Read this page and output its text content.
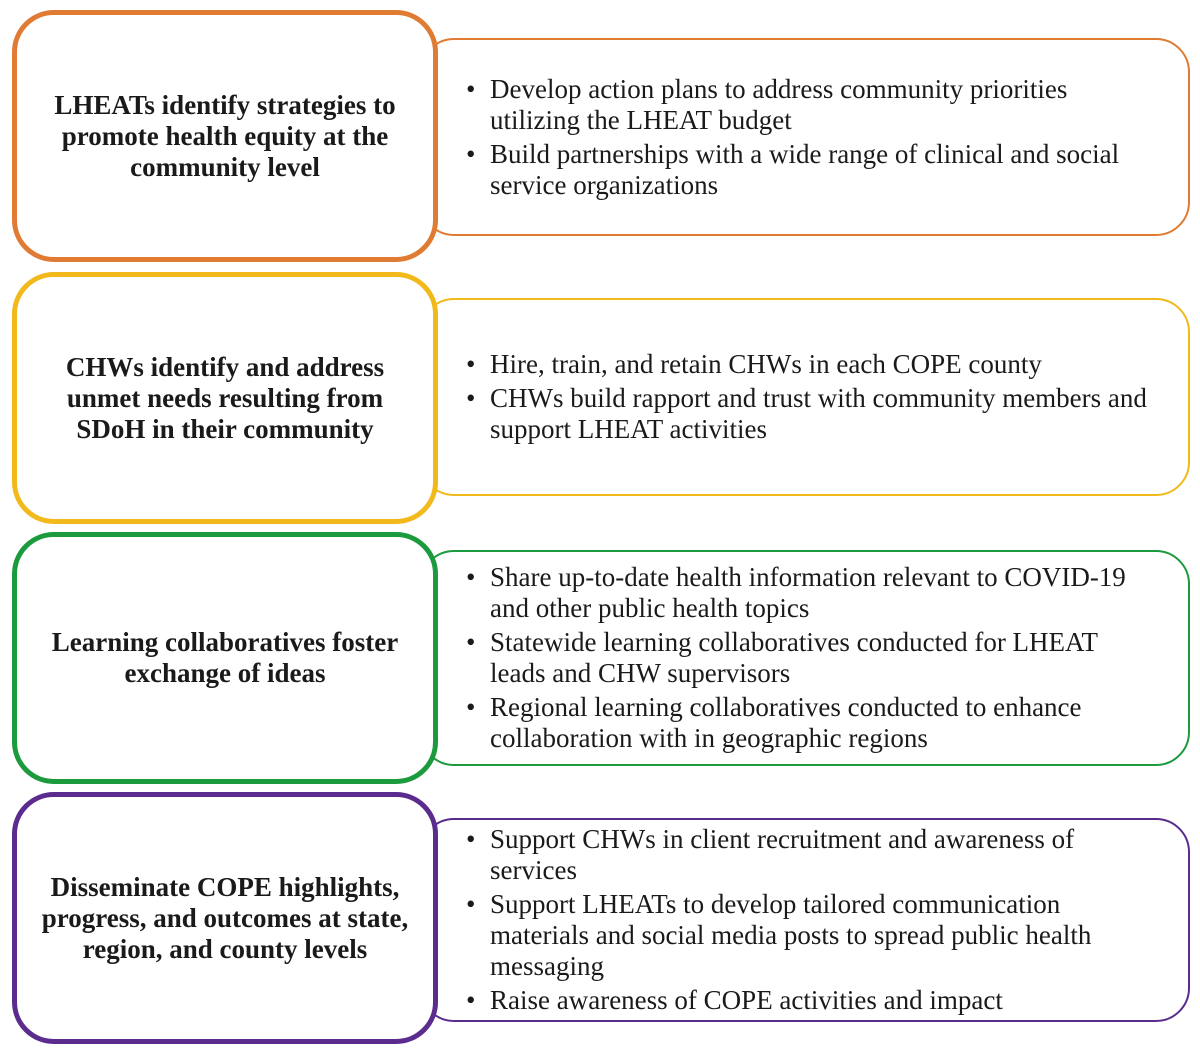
• Develop action plans to address community priorities utilizing the LHEAT budget
• Build partnerships with a wide range of clinical and social service organizations
LHEATs identify strategies to promote health equity at the community level
• Hire, train, and retain CHWs in each COPE county
• CHWs build rapport and trust with community members and support LHEAT activities
CHWs identify and address unmet needs resulting from SDoH in their community
• Share up-to-date health information relevant to COVID-19 and other public health topics
• Statewide learning collaboratives conducted for LHEAT leads and CHW supervisors
• Regional learning collaboratives conducted to enhance collaboration with in geographic regions
Learning collaboratives foster exchange of ideas
• Support CHWs in client recruitment and awareness of services
• Support LHEATs to develop tailored communication materials and social media posts to spread public health messaging
• Raise awareness of COPE activities and impact
Disseminate COPE highlights, progress, and outcomes at state, region, and county levels
